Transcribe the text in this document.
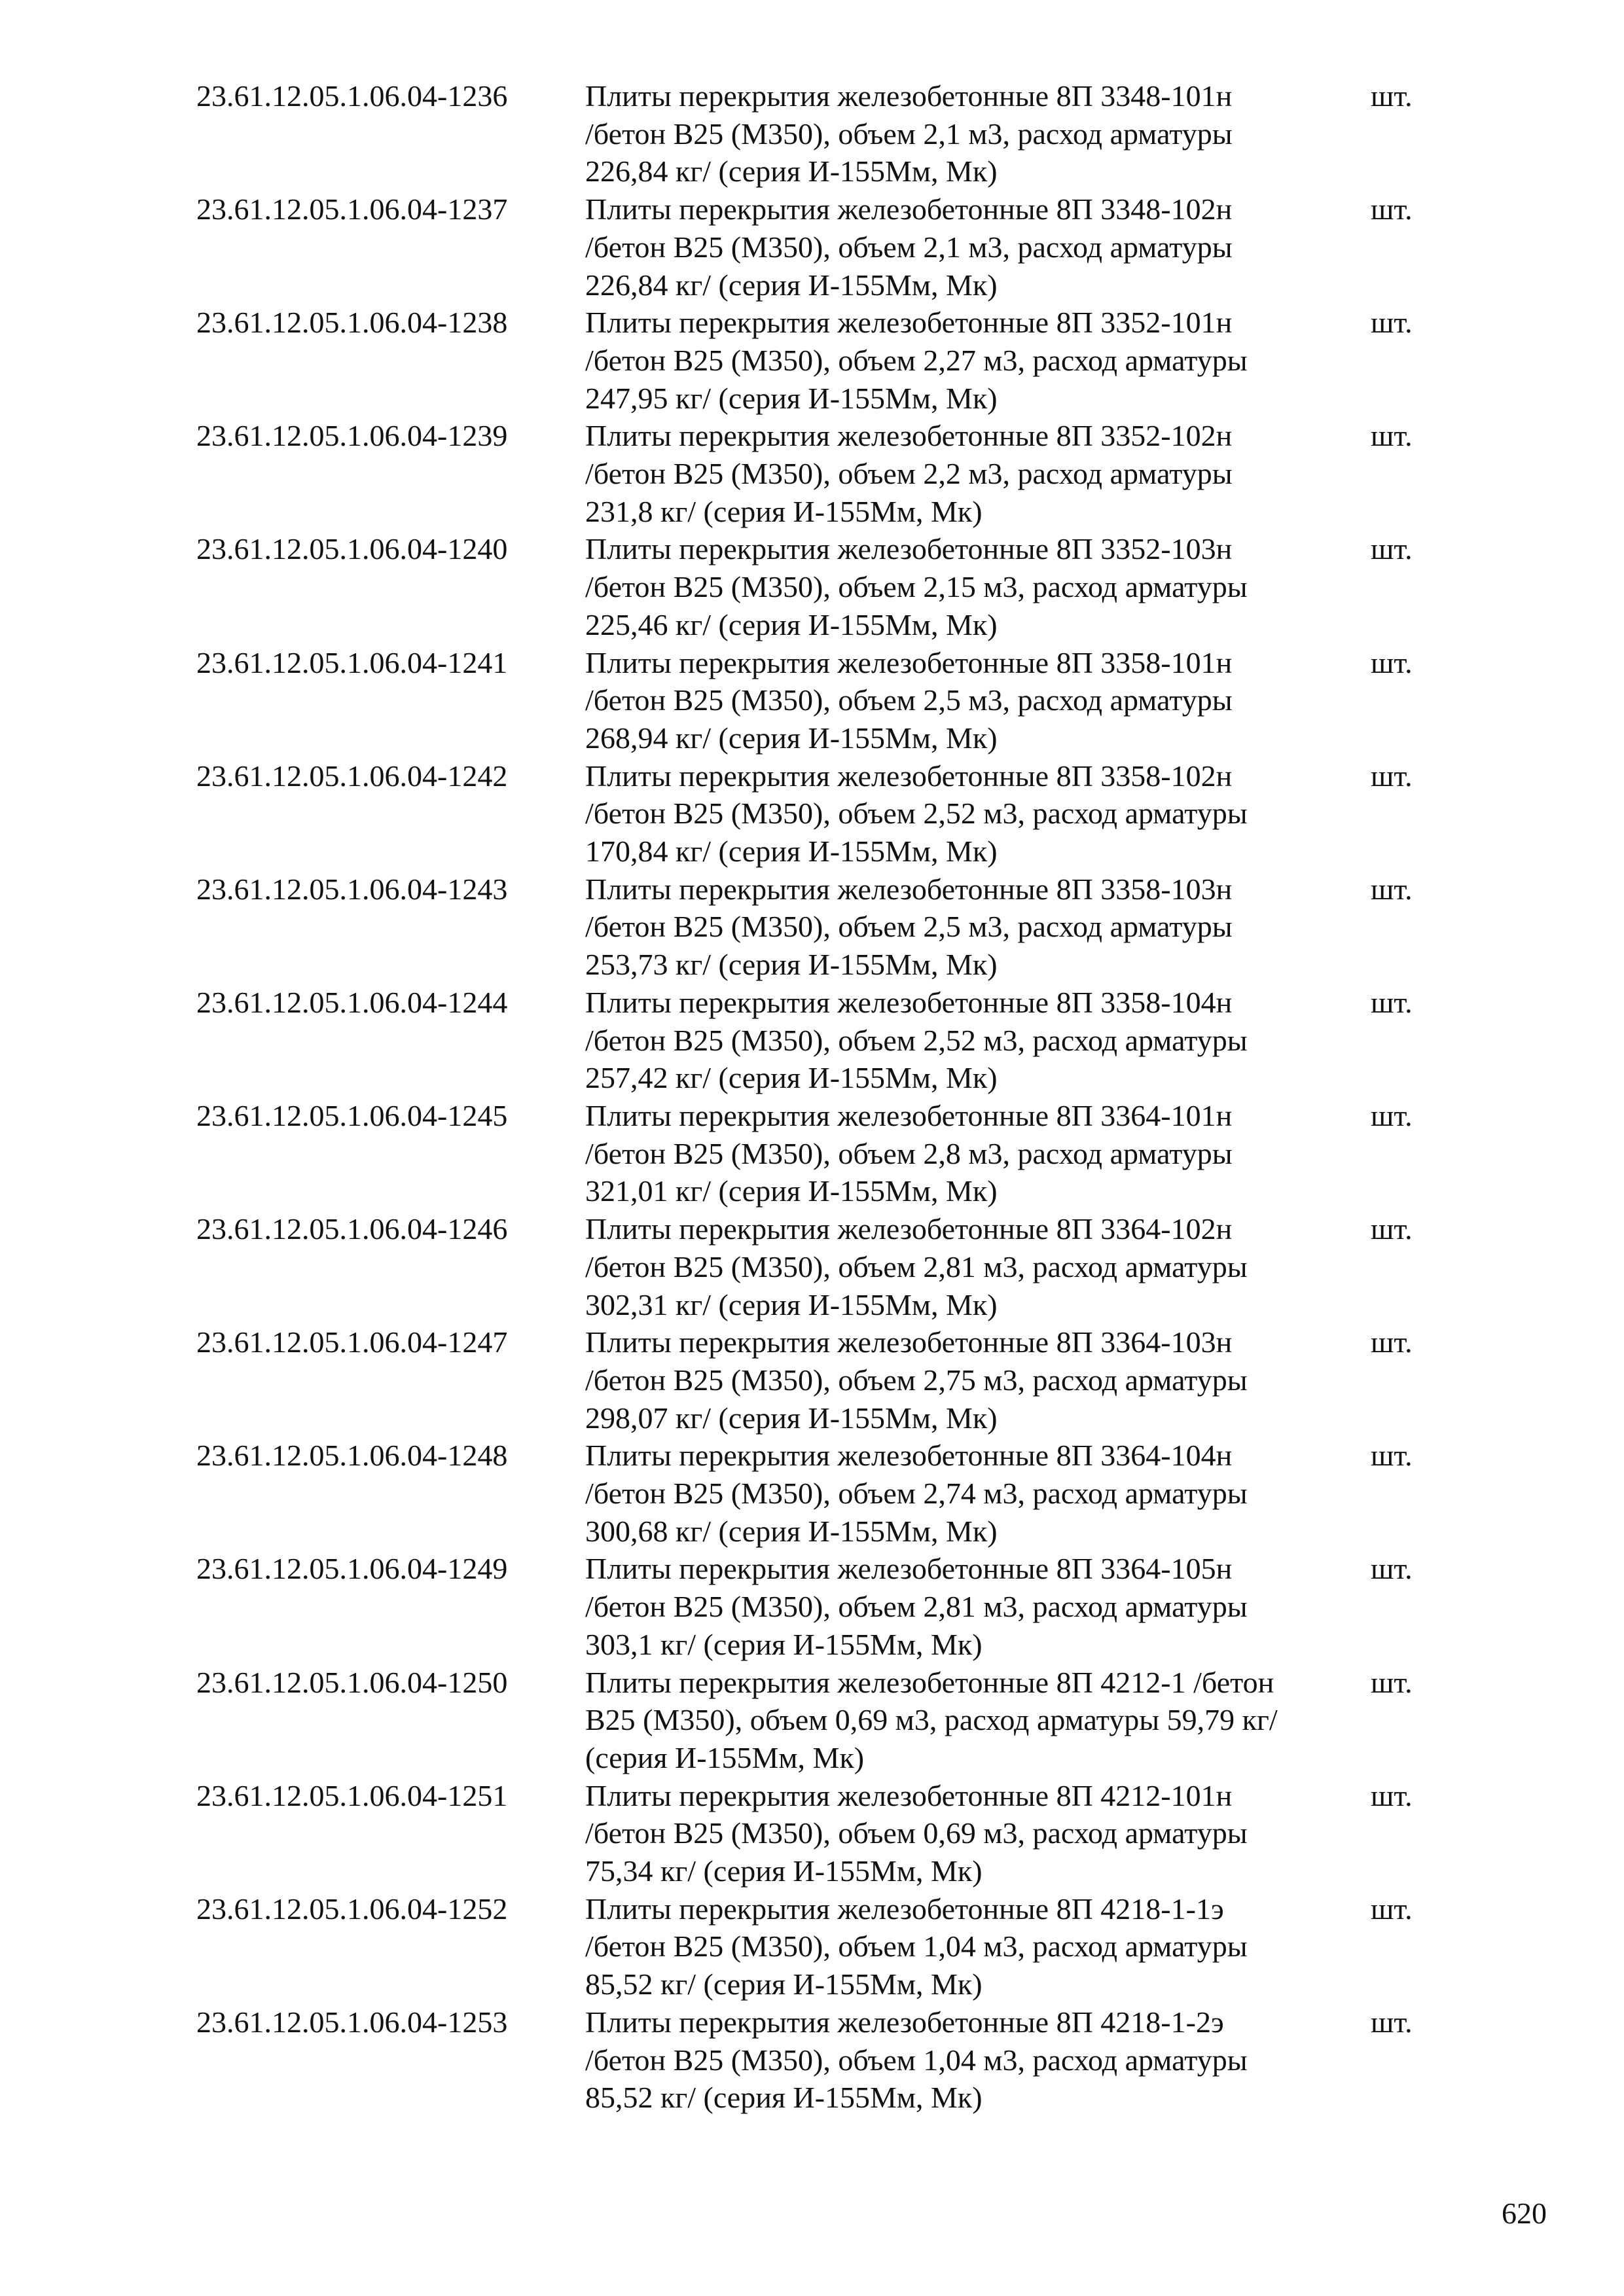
23.61.12.05.1.06.04-1236	Плиты перекрытия железобетонные 8П 3348-101н
/бетон В25 (М350), объем 2,1 м3, расход арматуры
226,84 кг/ (серия И-155Мм, Мк)
шт.
23.61.12.05.1.06.04-1237	Плиты перекрытия железобетонные 8П 3348-102н
/бетон В25 (М350), объем 2,1 м3, расход арматуры
226,84 кг/ (серия И-155Мм, Мк)
шт.
23.61.12.05.1.06.04-1238	Плиты перекрытия железобетонные 8П 3352-101н
/бетон В25 (М350), объем 2,27 м3, расход арматуры
247,95 кг/ (серия И-155Мм, Мк)
шт.
23.61.12.05.1.06.04-1239	Плиты перекрытия железобетонные 8П 3352-102н
/бетон В25 (М350), объем 2,2 м3, расход арматуры
231,8 кг/ (серия И-155Мм, Мк)
шт.
23.61.12.05.1.06.04-1240	Плиты перекрытия железобетонные 8П 3352-103н
/бетон В25 (М350), объем 2,15 м3, расход арматуры
225,46 кг/ (серия И-155Мм, Мк)
шт.
23.61.12.05.1.06.04-1241	Плиты перекрытия железобетонные 8П 3358-101н
/бетон В25 (М350), объем 2,5 м3, расход арматуры
268,94 кг/ (серия И-155Мм, Мк)
шт.
23.61.12.05.1.06.04-1242	Плиты перекрытия железобетонные 8П 3358-102н
/бетон В25 (М350), объем 2,52 м3, расход арматуры
170,84 кг/ (серия И-155Мм, Мк)
шт.
23.61.12.05.1.06.04-1243	Плиты перекрытия железобетонные 8П 3358-103н
/бетон В25 (М350), объем 2,5 м3, расход арматуры
253,73 кг/ (серия И-155Мм, Мк)
шт.
23.61.12.05.1.06.04-1244	Плиты перекрытия железобетонные 8П 3358-104н
/бетон В25 (М350), объем 2,52 м3, расход арматуры
257,42 кг/ (серия И-155Мм, Мк)
шт.
23.61.12.05.1.06.04-1245	Плиты перекрытия железобетонные 8П 3364-101н
/бетон В25 (М350), объем 2,8 м3, расход арматуры
321,01 кг/ (серия И-155Мм, Мк)
шт.
23.61.12.05.1.06.04-1246	Плиты перекрытия железобетонные 8П 3364-102н
/бетон В25 (М350), объем 2,81 м3, расход арматуры
302,31 кг/ (серия И-155Мм, Мк)
шт.
23.61.12.05.1.06.04-1247	Плиты перекрытия железобетонные 8П 3364-103н
/бетон В25 (М350), объем 2,75 м3, расход арматуры
298,07 кг/ (серия И-155Мм, Мк)
шт.
23.61.12.05.1.06.04-1248	Плиты перекрытия железобетонные 8П 3364-104н
/бетон В25 (М350), объем 2,74 м3, расход арматуры
300,68 кг/ (серия И-155Мм, Мк)
шт.
23.61.12.05.1.06.04-1249	Плиты перекрытия железобетонные 8П 3364-105н
/бетон В25 (М350), объем 2,81 м3, расход арматуры
303,1 кг/ (серия И-155Мм, Мк)
шт.
23.61.12.05.1.06.04-1250	Плиты перекрытия железобетонные 8П 4212-1 /бетон
В25 (М350), объем 0,69 м3, расход арматуры 59,79 кг/
(серия И-155Мм, Мк)
шт.
23.61.12.05.1.06.04-1251	Плиты перекрытия железобетонные 8П 4212-101н
/бетон В25 (М350), объем 0,69 м3, расход арматуры
75,34 кг/ (серия И-155Мм, Мк)
шт.
23.61.12.05.1.06.04-1252	Плиты перекрытия железобетонные 8П 4218-1-1э
/бетон В25 (М350), объем 1,04 м3, расход арматуры
85,52 кг/ (серия И-155Мм, Мк)
шт.
23.61.12.05.1.06.04-1253	Плиты перекрытия железобетонные 8П 4218-1-2э
/бетон В25 (М350), объем 1,04 м3, расход арматуры
85,52 кг/ (серия И-155Мм, Мк)
шт.
620
